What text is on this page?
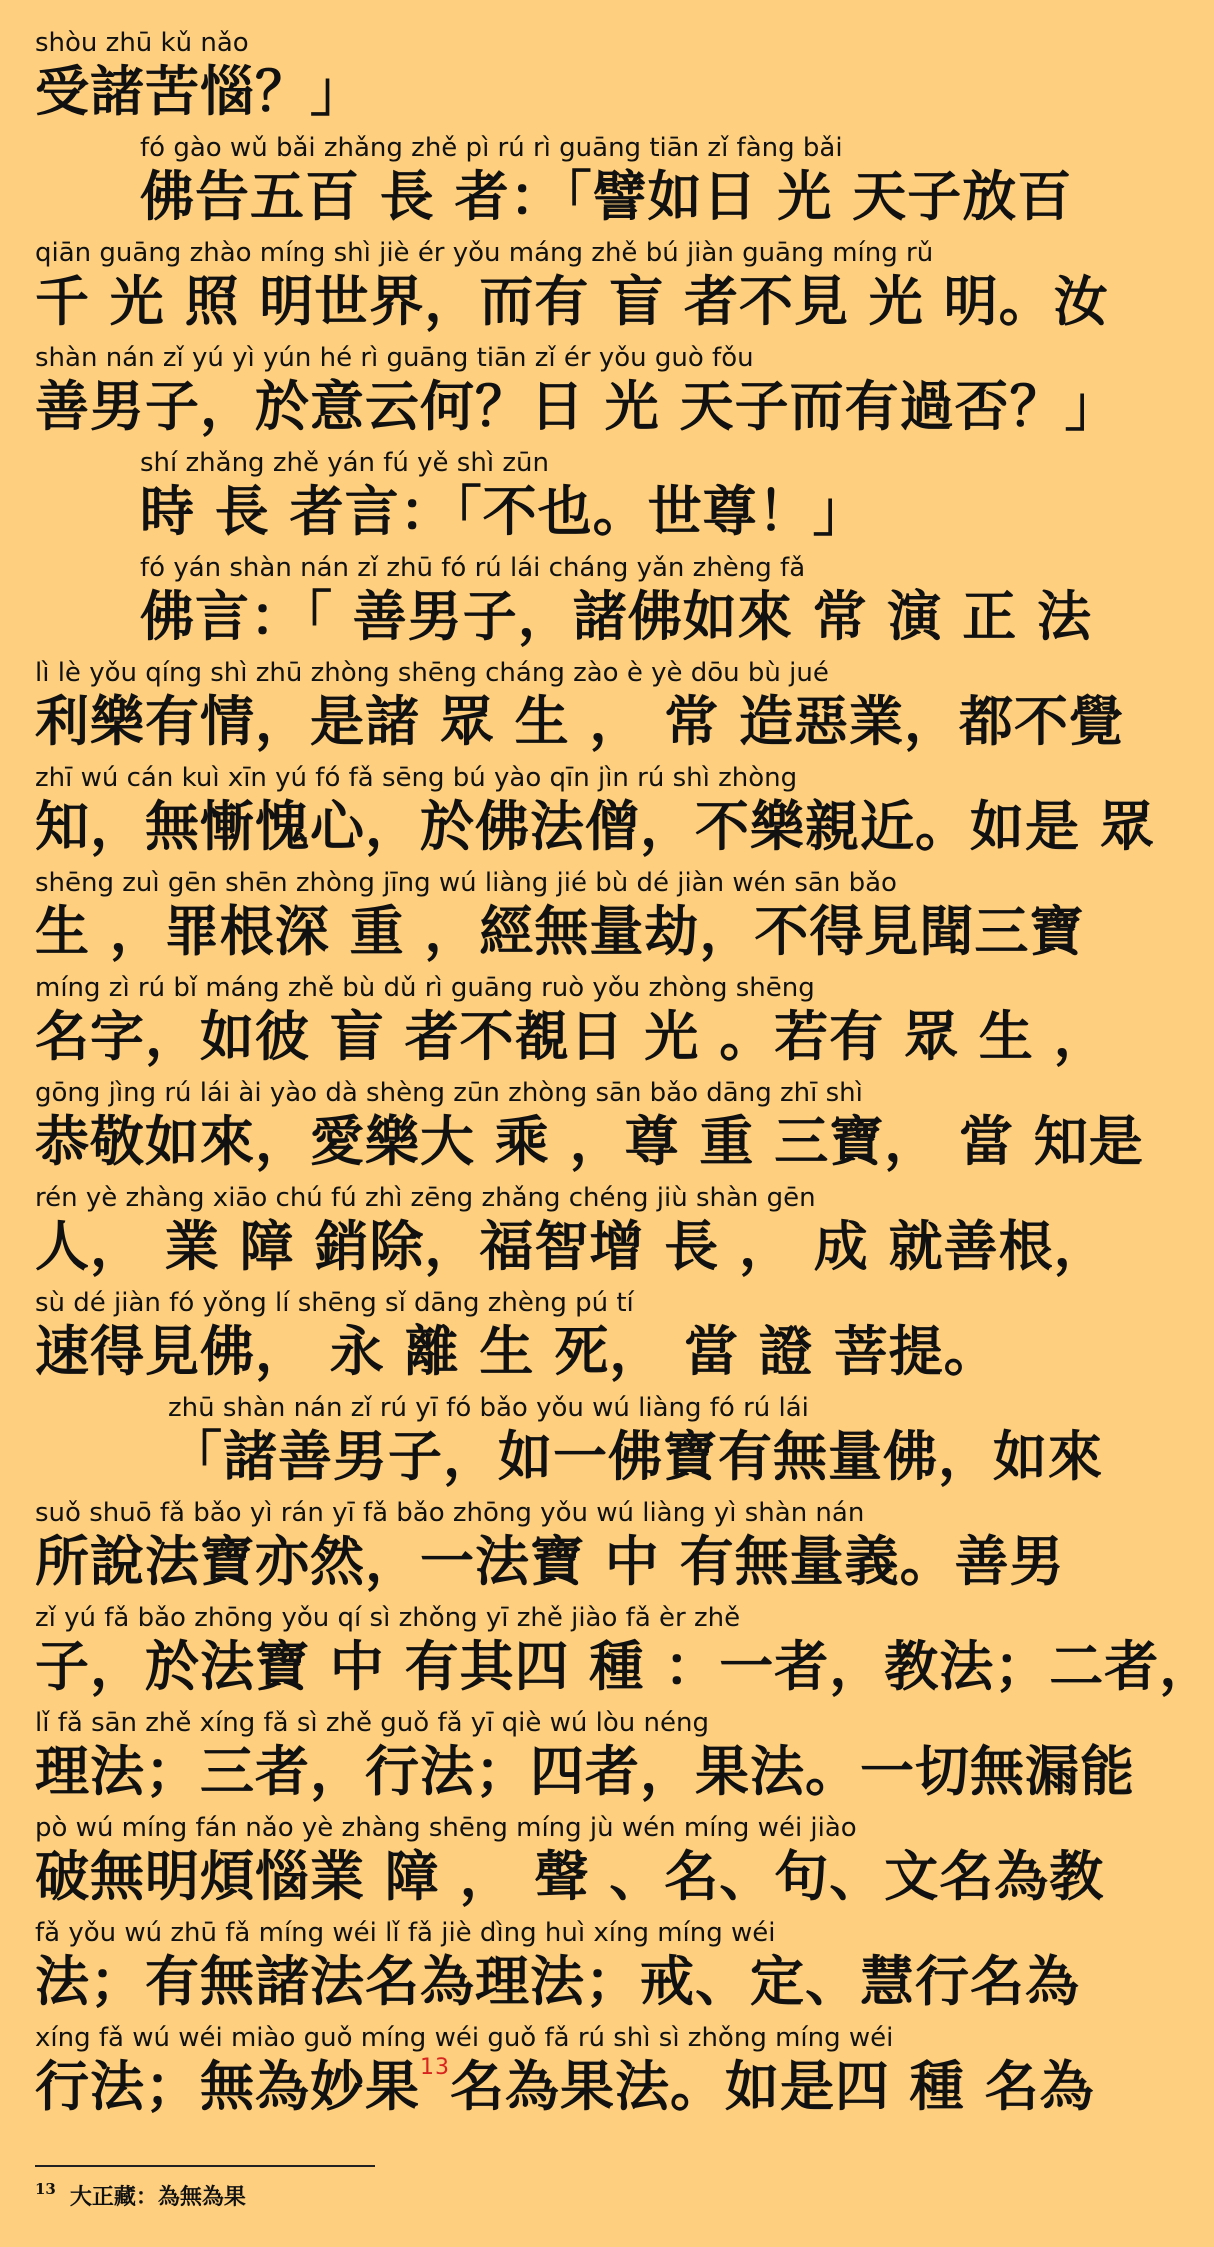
shòu zhū kǔ nǎo
受諸苦惱？」
fó gào wǔ bǎi zhǎng zhě pì rú rì guāng tiān zǐ fàng bǎi
佛告五百 長 者：「譬如日 光 天子放百
qiān guāng zhào míng shì jiè ér yǒu máng zhě bú jiàn guāng míng rǔ
千 光 照 明世界，而有 盲 者不見 光 明。汝
shàn nán zǐ yú yì yún hé rì guāng tiān zǐ ér yǒu guò fǒu
善男子，於意云何？日 光 天子而有過否？」
shí zhǎng zhě yán fú yě shì zūn
時 長 者言：「不也。世尊！」
fó yán shàn nán zǐ zhū fó rú lái cháng yǎn zhèng fǎ
佛言：「 善男子，諸佛如來 常 演 正 法
lì lè yǒu qíng shì zhū zhòng shēng cháng zào è yè dōu bù jué
利樂有情，是諸 眾 生 ， 常 造惡業，都不覺
zhī wú cán kuì xīn yú fó fǎ sēng bú yào qīn jìn rú shì zhòng
知，無慚愧心，於佛法僧，不樂親近。如是 眾
shēng zuì gēn shēn zhòng jīng wú liàng jié bù dé jiàn wén sān bǎo
生 ，罪根深 重 ，經無量劫，不得見聞三寶
míng zì rú bǐ máng zhě bù dǔ rì guāng ruò yǒu zhòng shēng
名字，如彼 盲 者不覩日 光 。若有 眾 生 ，
gōng jìng rú lái ài yào dà shèng zūn zhòng sān bǎo dāng zhī shì
恭敬如來，愛樂大 乘 ，尊 重 三寶， 當 知是
rén yè zhàng xiāo chú fú zhì zēng zhǎng chéng jiù shàn gēn
人， 業 障 銷除，福智增 長 ， 成 就善根，
sù dé jiàn fó yǒng lí shēng sǐ dāng zhèng pú tí
速得見佛， 永 離 生 死， 當 證 菩提。
zhū shàn nán zǐ rú yī fó bǎo yǒu wú liàng fó rú lái
「諸善男子，如一佛寶有無量佛，如來
suǒ shuō fǎ bǎo yì rán yī fǎ bǎo zhōng yǒu wú liàng yì shàn nán
所說法寶亦然，一法寶 中 有無量義。善男
zǐ yú fǎ bǎo zhōng yǒu qí sì zhǒng yī zhě jiào fǎ èr zhě
子，於法寶 中 有其四 種 ：一者，教法；二者，
lǐ fǎ sān zhě xíng fǎ sì zhě guǒ fǎ yī qiè wú lòu néng
理法；三者，行法；四者，果法。一切無漏能
pò wú míng fán nǎo yè zhàng shēng míng jù wén míng wéi jiào
破無明煩惱業 障 ， 聲 、名、句、文名為教
fǎ yǒu wú zhū fǎ míng wéi lǐ fǎ jiè dìng huì xíng míng wéi
法；有無諸法名為理法；戒、定、慧行名為
xíng fǎ wú wéi miào guǒ míng wéi guǒ fǎ rú shì sì zhǒng míng wéi
行法；無為妙果$^{13}$名為果法。如是四 種 名為
$^{13}$ 大正藏：為無為果
